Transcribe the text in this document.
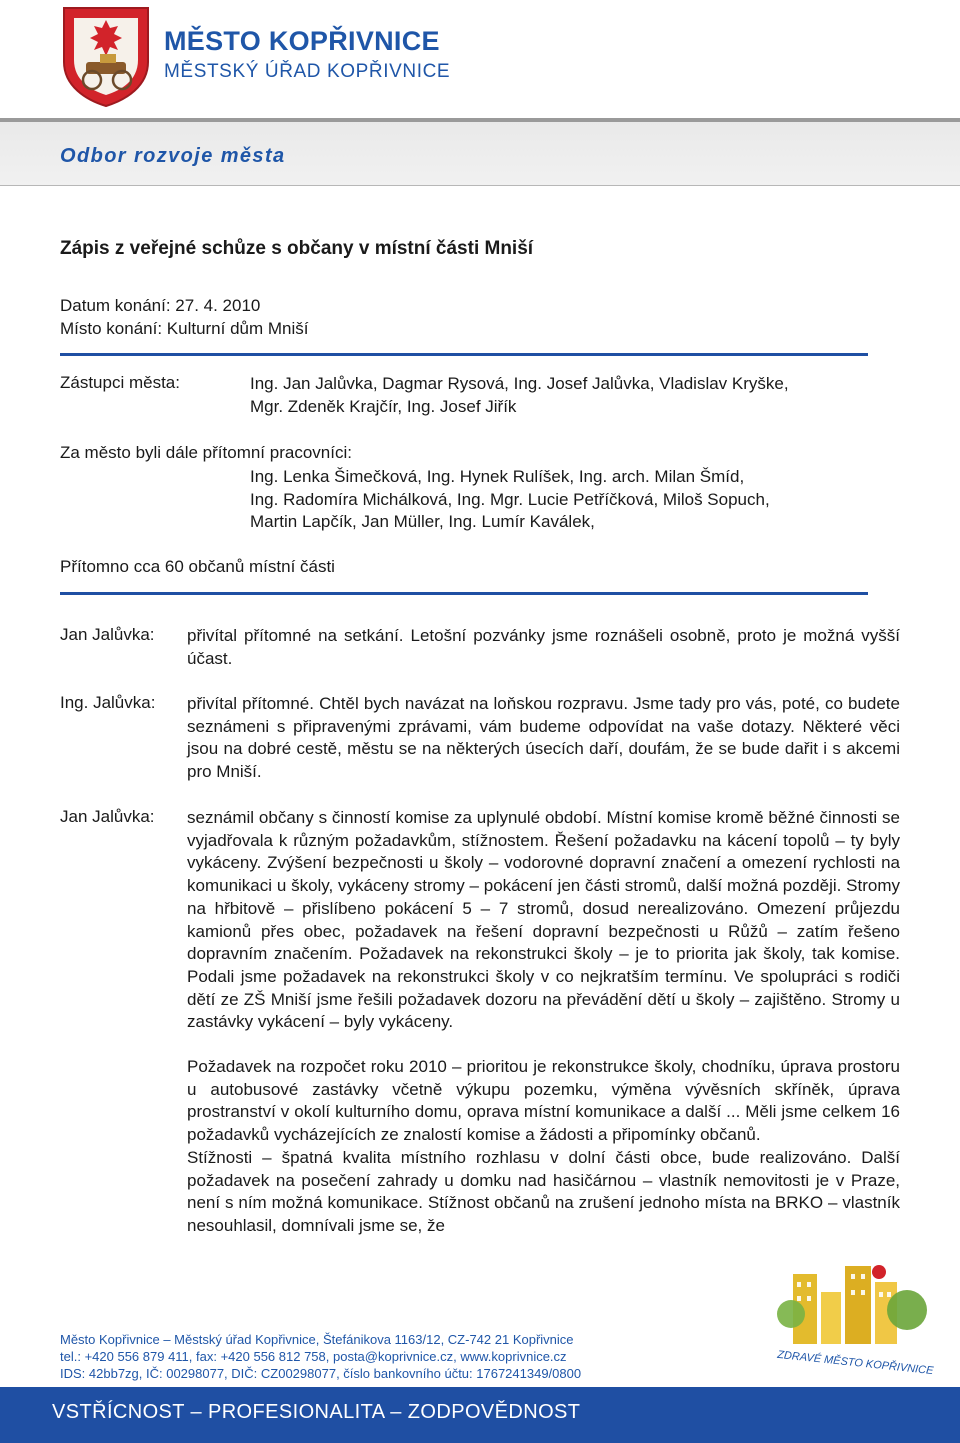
MĚSTO KOPŘIVNICE
MĚSTSKÝ ÚŘAD KOPŘIVNICE
Odbor rozvoje města
Zápis z veřejné schůze s občany v místní části Mniší
Datum konání: 27. 4. 2010
Místo konání: Kulturní dům Mniší
Zástupci města:	Ing. Jan Jalůvka, Dagmar Rysová, Ing. Josef Jalůvka, Vladislav Kryške,
Mgr. Zdeněk Krajčír, Ing. Josef Jiřík
Za město byli dále přítomní pracovníci:
Ing. Lenka Šimečková, Ing. Hynek Rulíšek, Ing. arch. Milan Šmíd,
Ing. Radomíra Michálková, Ing. Mgr. Lucie Petříčková, Miloš Sopuch,
Martin Lapčík, Jan Müller, Ing. Lumír Kaválek,
Přítomno cca 60 občanů místní části
Jan Jalůvka: přivítal přítomné na setkání. Letošní pozvánky jsme roznášeli osobně, proto je možná vyšší účast.

Ing. Jalůvka: přivítal přítomné. Chtěl bych navázat na loňskou rozpravu. Jsme tady pro vás, poté, co budete seznámeni s připravenými zprávami, vám budeme odpovídat na vaše dotazy. Některé věci jsou na dobré cestě, městu se na některých úsecích daří, doufám, že se bude dařit i s akcemi pro Mniší.

Jan Jalůvka: seznámil občany s činností komise za uplynulé období. Místní komise kromě běžné činnosti se vyjadřovala k různým požadavkům, stížnostem. Řešení požadavku na kácení topolů – ty byly vykáceny. Zvýšení bezpečnosti u školy – vodorovné dopravní značení a omezení rychlosti na komunikaci u školy, vykáceny stromy – pokácení jen části stromů, další možná později. Stromy na hřbitově – přislíbeno pokácení 5 – 7 stromů, dosud nerealizováno. Omezení průjezdu kamionů přes obec, požadavek na řešení dopravní bezpečnosti u Růžů – zatím řešeno dopravním značením. Požadavek na rekonstrukci školy – je to priorita jak školy, tak komise. Podali jsme požadavek na rekonstrukci školy v co nejkratším termínu. Ve spolupráci s rodiči dětí ze ZŠ Mniší jsme řešili požadavek dozoru na převádění dětí u školy – zajištěno. Stromy u zastávky vykácení – byly vykáceny.

Požadavek na rozpočet roku 2010 – prioritou je rekonstrukce školy, chodníku, úprava prostoru u autobusové zastávky včetně výkupu pozemku, výměna vývěsních skříněk, úprava prostranství v okolí kulturního domu, oprava místní komunikace a další ... Měli jsme celkem 16 požadavků vycházejících ze znalostí komise a žádosti a připomínky občanů.

Stížnosti – špatná kvalita místního rozhlasu v dolní části obce, bude realizováno. Další požadavek na posečení zahrady u domku nad hasičárnou – vlastník nemovitosti je v Praze, není s ním možná komunikace. Stížnost občanů na zrušení jednoho místa na BRKO – vlastník nesouhlasil, domnívali jsme se, že

ZDRAVÉ MĚSTO KOPŘIVNICE
Město Kopřivnice – Městský úřad Kopřivnice, Štefánikova 1163/12, CZ-742 21 Kopřivnice
tel.: +420 556 879 411, fax: +420 556 812 758, posta@koprivnice.cz, www.koprivnice.cz
IDS: 42bb7zg, IČ: 00298077, DIČ: CZ00298077, číslo bankovního účtu: 1767241349/0800
VSTŘÍCNOST – PROFESIONALITA – ZODPOVĚDNOST
